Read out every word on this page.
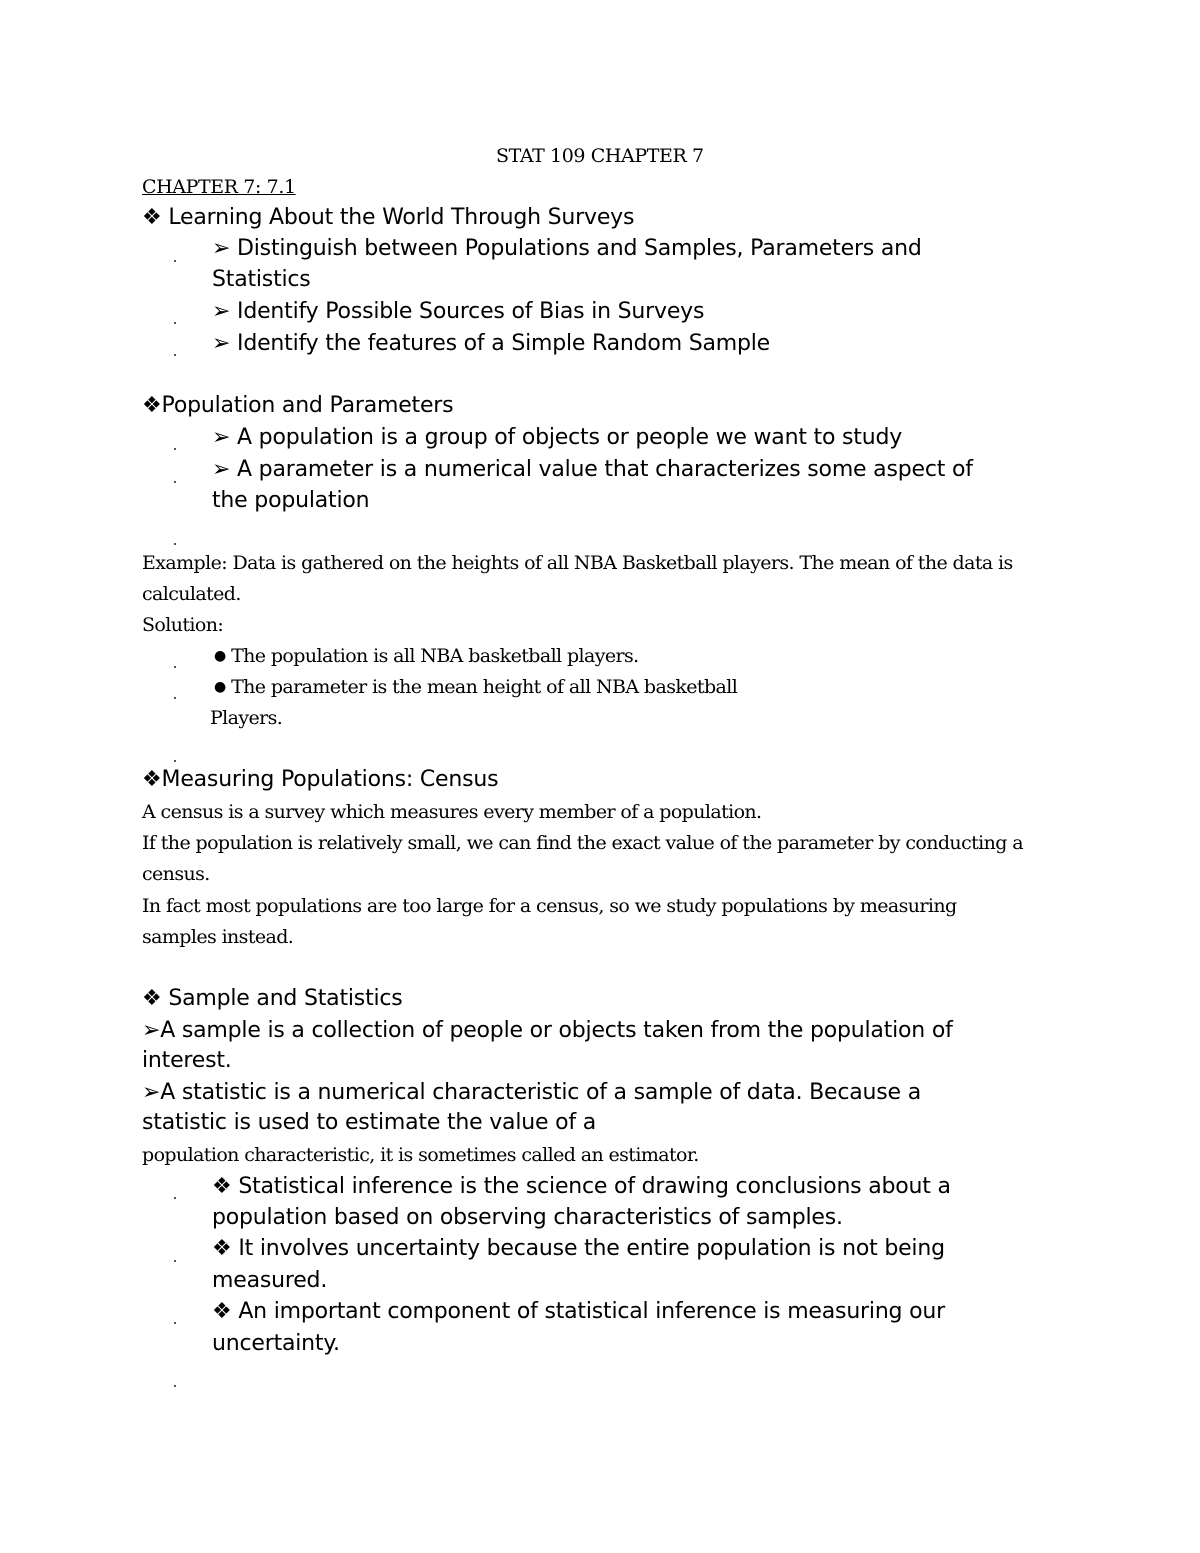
STAT 109 CHAPTER 7
CHAPTER 7: 7.1
❖ Learning About the World Through Surveys
➢ Distinguish between Populations and Samples, Parameters and
Statistics
➢ Identify Possible Sources of Bias in Surveys
➢ Identify the features of a Simple Random Sample
❖Population and Parameters
➢ A population is a group of objects or people we want to study
➢ A parameter is a numerical value that characterizes some aspect of
the population
Example: Data is gathered on the heights of all NBA Basketball players. The mean of the data is
calculated.
Solution:
● The population is all NBA basketball players.
● The parameter is the mean height of all NBA basketball
Players.
❖Measuring Populations: Census
A census is a survey which measures every member of a population.
If the population is relatively small, we can find the exact value of the parameter by conducting a
census.
In fact most populations are too large for a census, so we study populations by measuring
samples instead.
❖ Sample and Statistics
➢A sample is a collection of people or objects taken from the population of
interest.
➢A statistic is a numerical characteristic of a sample of data. Because a
statistic is used to estimate the value of a
population characteristic, it is sometimes called an estimator.
❖ Statistical inference is the science of drawing conclusions about a
population based on observing characteristics of samples.
❖ It involves uncertainty because the entire population is not being
measured.
❖ An important component of statistical inference is measuring our
uncertainty.
